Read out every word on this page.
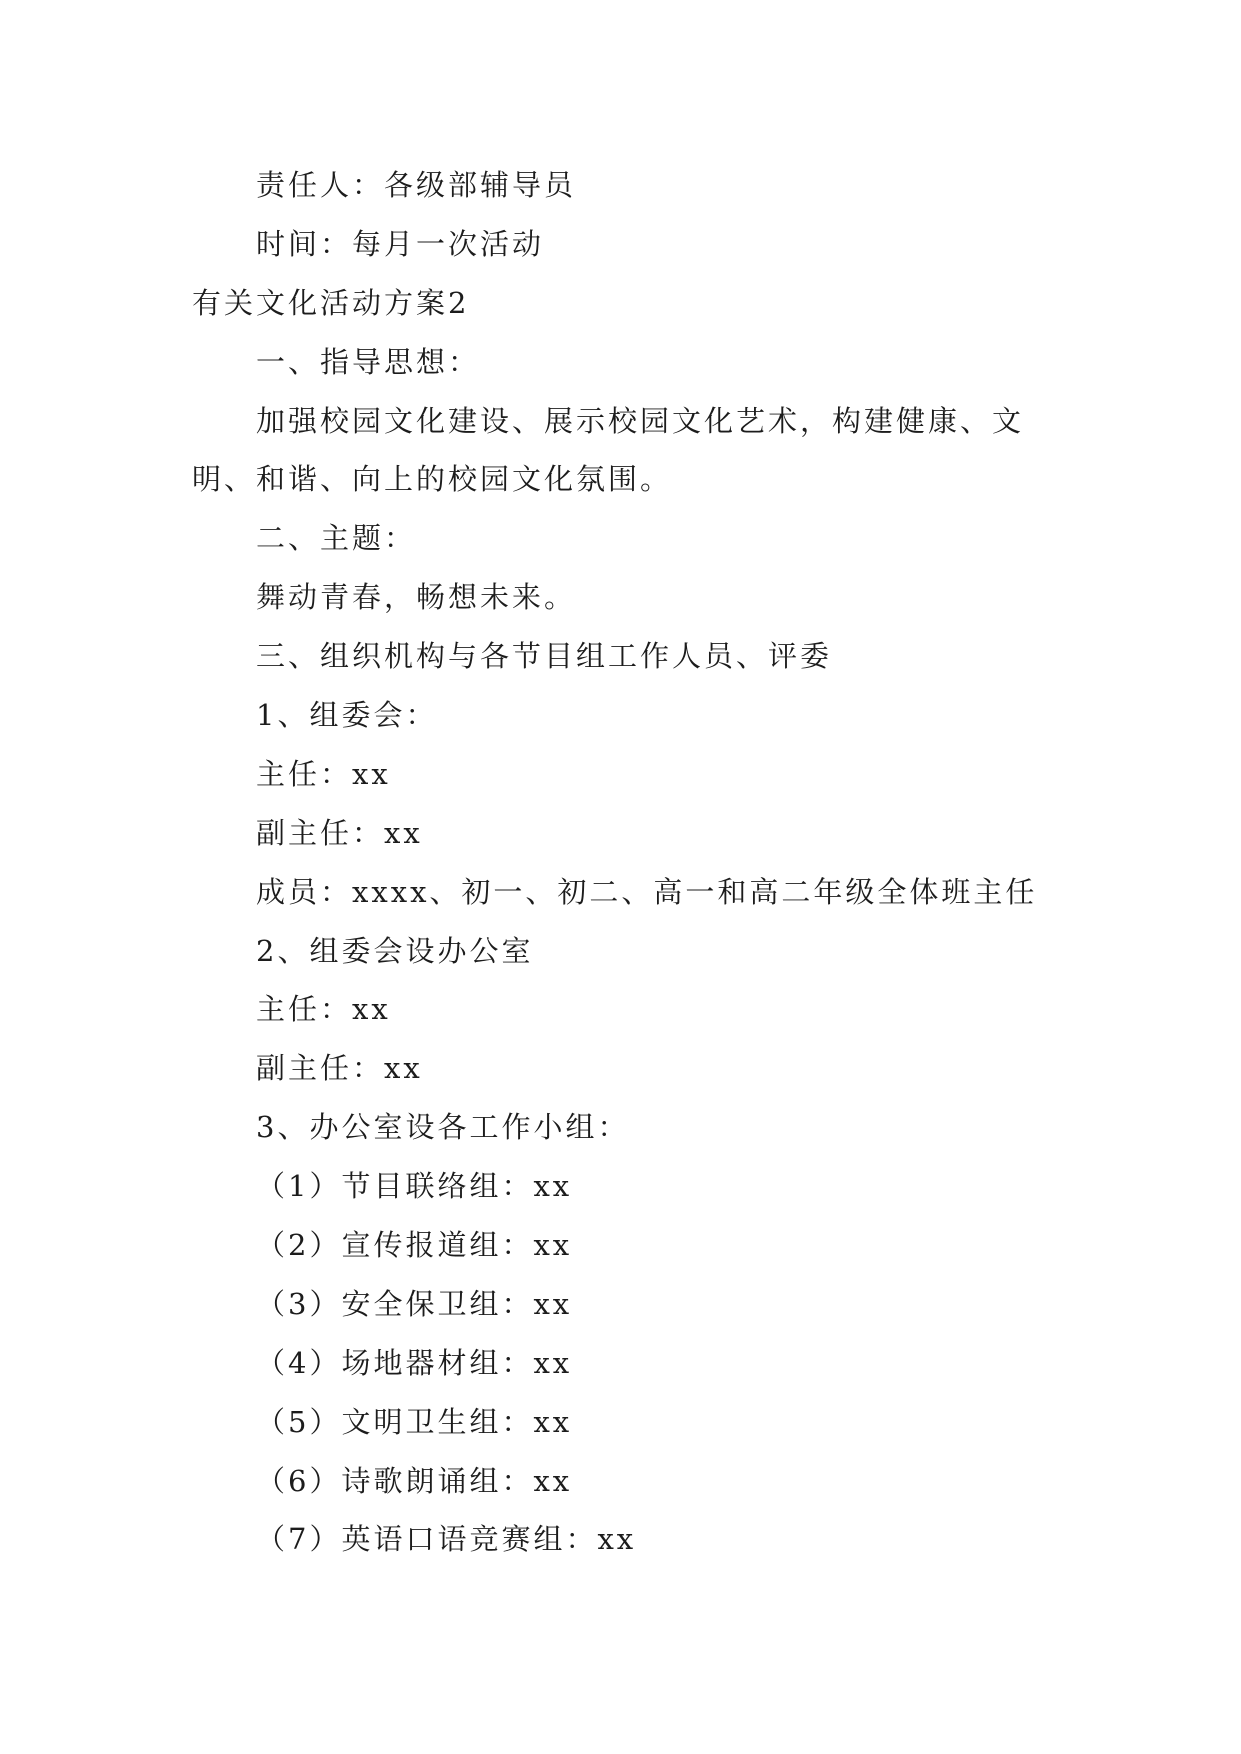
责任人：各级部辅导员
时间：每月一次活动
有关文化活动方案2
一、指导思想：
加强校园文化建设、展示校园文化艺术，构建健康、文
明、和谐、向上的校园文化氛围。
二、主题：
舞动青春，畅想未来。
三、组织机构与各节目组工作人员、评委
1、组委会：
主任：xx
副主任：xx
成员：xxxx、初一、初二、高一和高二年级全体班主任
2、组委会设办公室
主任：xx
副主任：xx
3、办公室设各工作小组：
（1）节目联络组：xx
（2）宣传报道组：xx
（3）安全保卫组：xx
（4）场地器材组：xx
（5）文明卫生组：xx
（6）诗歌朗诵组：xx
（7）英语口语竞赛组：xx
